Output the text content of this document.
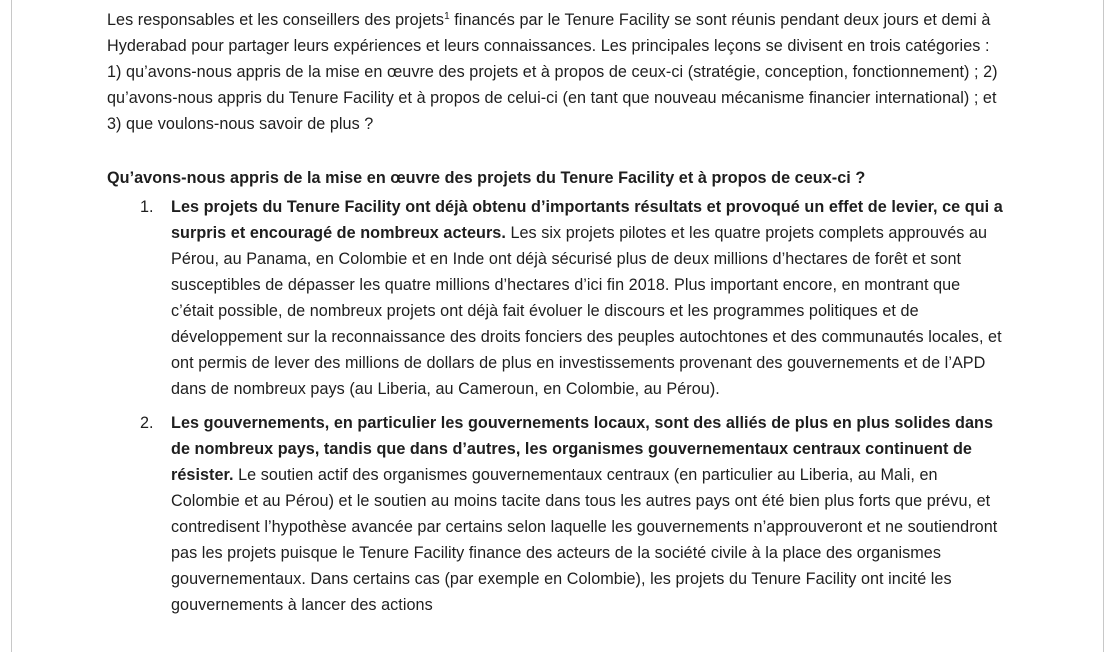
Les responsables et les conseillers des projets$^1$ financés par le Tenure Facility se sont réunis pendant deux jours et demi à Hyderabad pour partager leurs expériences et leurs connaissances. Les principales leçons se divisent en trois catégories : 1) qu’avons-nous appris de la mise en œuvre des projets et à propos de ceux-ci (stratégie, conception, fonctionnement) ; 2) qu’avons-nous appris du Tenure Facility et à propos de celui-ci (en tant que nouveau mécanisme financier international) ; et 3) que voulons-nous savoir de plus ?

Qu’avons-nous appris de la mise en œuvre des projets du Tenure Facility et à propos de ceux-ci ?

1. Les projets du Tenure Facility ont déjà obtenu d’importants résultats et provoqué un effet de levier, ce qui a surpris et encouragé de nombreux acteurs. Les six projets pilotes et les quatre projets complets approuvés au Pérou, au Panama, en Colombie et en Inde ont déjà sécurisé plus de deux millions d’hectares de forêt et sont susceptibles de dépasser les quatre millions d’hectares d’ici fin 2018. Plus important encore, en montrant que c’était possible, de nombreux projets ont déjà fait évoluer le discours et les programmes politiques et de développement sur la reconnaissance des droits fonciers des peuples autochtones et des communautés locales, et ont permis de lever des millions de dollars de plus en investissements provenant des gouvernements et de l’APD dans de nombreux pays (au Liberia, au Cameroun, en Colombie, au Pérou).
2. Les gouvernements, en particulier les gouvernements locaux, sont des alliés de plus en plus solides dans de nombreux pays, tandis que dans d’autres, les organismes gouvernementaux centraux continuent de résister. Le soutien actif des organismes gouvernementaux centraux (en particulier au Liberia, au Mali, en Colombie et au Pérou) et le soutien au moins tacite dans tous les autres pays ont été bien plus forts que prévu, et contredisent l’hypothèse avancée par certains selon laquelle les gouvernements n’approuveront et ne soutiendront pas les projets puisque le Tenure Facility finance des acteurs de la société civile à la place des organismes gouvernementaux. Dans certains cas (par exemple en Colombie), les projets du Tenure Facility ont incité les gouvernements à lancer des actions
